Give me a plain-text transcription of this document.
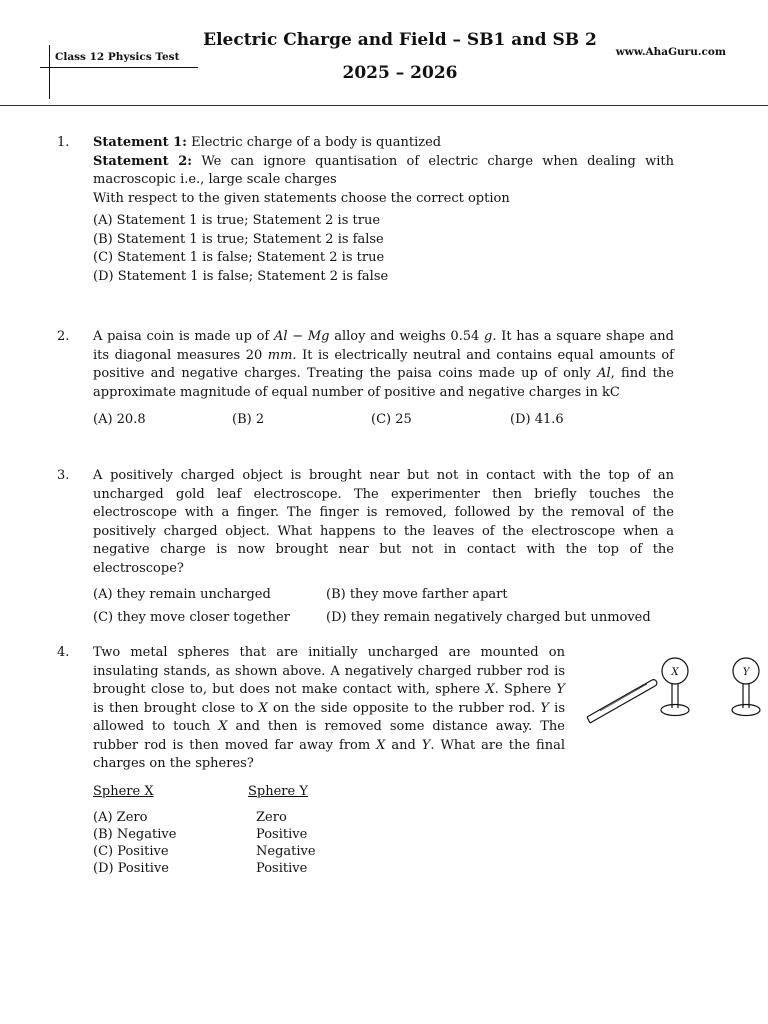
Electric Charge and Field – SB1 and SB 2
2025 – 2026
Class 12 Physics Test	www.AhaGuru.com
1. Statement 1: Electric charge of a body is quantized

Statement 2: We can ignore quantisation of electric charge when dealing with macroscopic i.e., large scale charges

With respect to the given statements choose the correct option

(A) Statement 1 is true; Statement 2 is true
(B) Statement 1 is true; Statement 2 is false
(C) Statement 1 is false; Statement 2 is true
(D) Statement 1 is false; Statement 2 is false
2. A paisa coin is made up of Al − Mg alloy and weighs 0.54 g. It has a square shape and its diagonal measures 20 mm. It is electrically neutral and contains equal amounts of positive and negative charges. Treating the paisa coins made up of only Al, find the approximate magnitude of equal number of positive and negative charges in kC
(A) 20.8	(B) 2	(C) 25	(D) 41.6
3. A positively charged object is brought near but not in contact with the top of an uncharged gold leaf electroscope. The experimenter then briefly touches the electroscope with a finger. The finger is removed, followed by the removal of the positively charged object. What happens to the leaves of the electroscope when a negative charge is now brought near but not in contact with the top of the electroscope?
(A) they remain uncharged	(B) they move farther apart
(C) they move closer together	(D) they remain negatively charged but unmoved
4. Two metal spheres that are initially uncharged are mounted on insulating stands, as shown above. A negatively charged rubber rod is brought close to, but does not make contact with, sphere X. Sphere Y is then brought close to X on the side opposite to the rubber rod. Y is allowed to touch X and then is removed some distance away. The rubber rod is then moved far away from X and Y. What are the final charges on the spheres?
Sphere X	Sphere Y
(A) Zero	Zero
(B) Negative	Positive
(C) Positive	Negative
(D) Positive	Positive
X	Y
